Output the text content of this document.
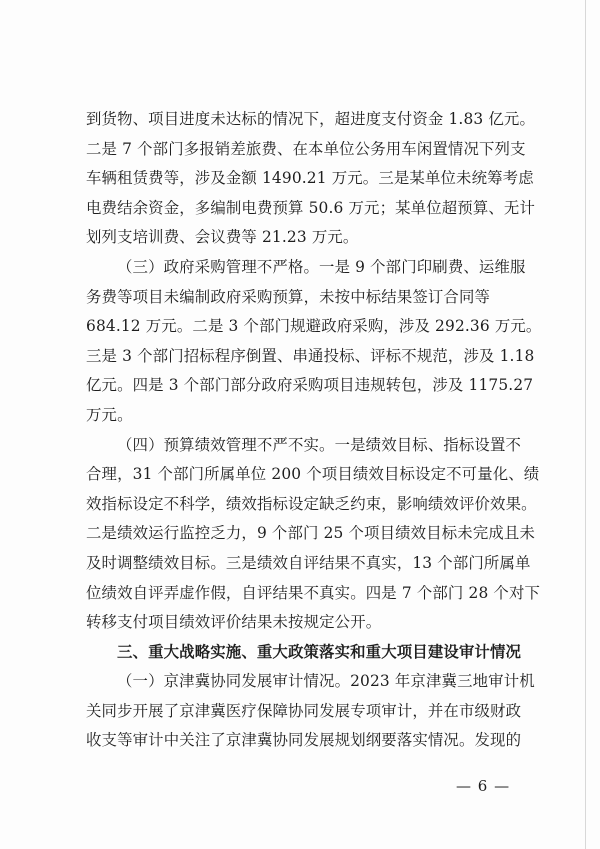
到货物、项目进度未达标的情况下，超进度支付资金 1.83 亿元。
二是 7 个部门多报销差旅费、在本单位公务用车闲置情况下列支
车辆租赁费等，涉及金额 1490.21 万元。三是某单位未统筹考虑
电费结余资金，多编制电费预算 50.6 万元；某单位超预算、无计
划列支培训费、会议费等 21.23 万元。
（三）政府采购管理不严格。一是 9 个部门印刷费、运维服
务费等项目未编制政府采购预算，未按中标结果签订合同等
684.12 万元。二是 3 个部门规避政府采购，涉及 292.36 万元。
三是 3 个部门招标程序倒置、串通投标、评标不规范，涉及 1.18
亿元。四是 3 个部门部分政府采购项目违规转包，涉及 1175.27
万元。
（四）预算绩效管理不严不实。一是绩效目标、指标设置不
合理，31 个部门所属单位 200 个项目绩效目标设定不可量化、绩
效指标设定不科学，绩效指标设定缺乏约束，影响绩效评价效果。
二是绩效运行监控乏力，9 个部门 25 个项目绩效目标未完成且未
及时调整绩效目标。三是绩效自评结果不真实，13 个部门所属单
位绩效自评弄虚作假，自评结果不真实。四是 7 个部门 28 个对下
转移支付项目绩效评价结果未按规定公开。
三、重大战略实施、重大政策落实和重大项目建设审计情况
（一）京津冀协同发展审计情况。2023 年京津冀三地审计机
关同步开展了京津冀医疗保障协同发展专项审计，并在市级财政
收支等审计中关注了京津冀协同发展规划纲要落实情况。发现的
— 6 —
